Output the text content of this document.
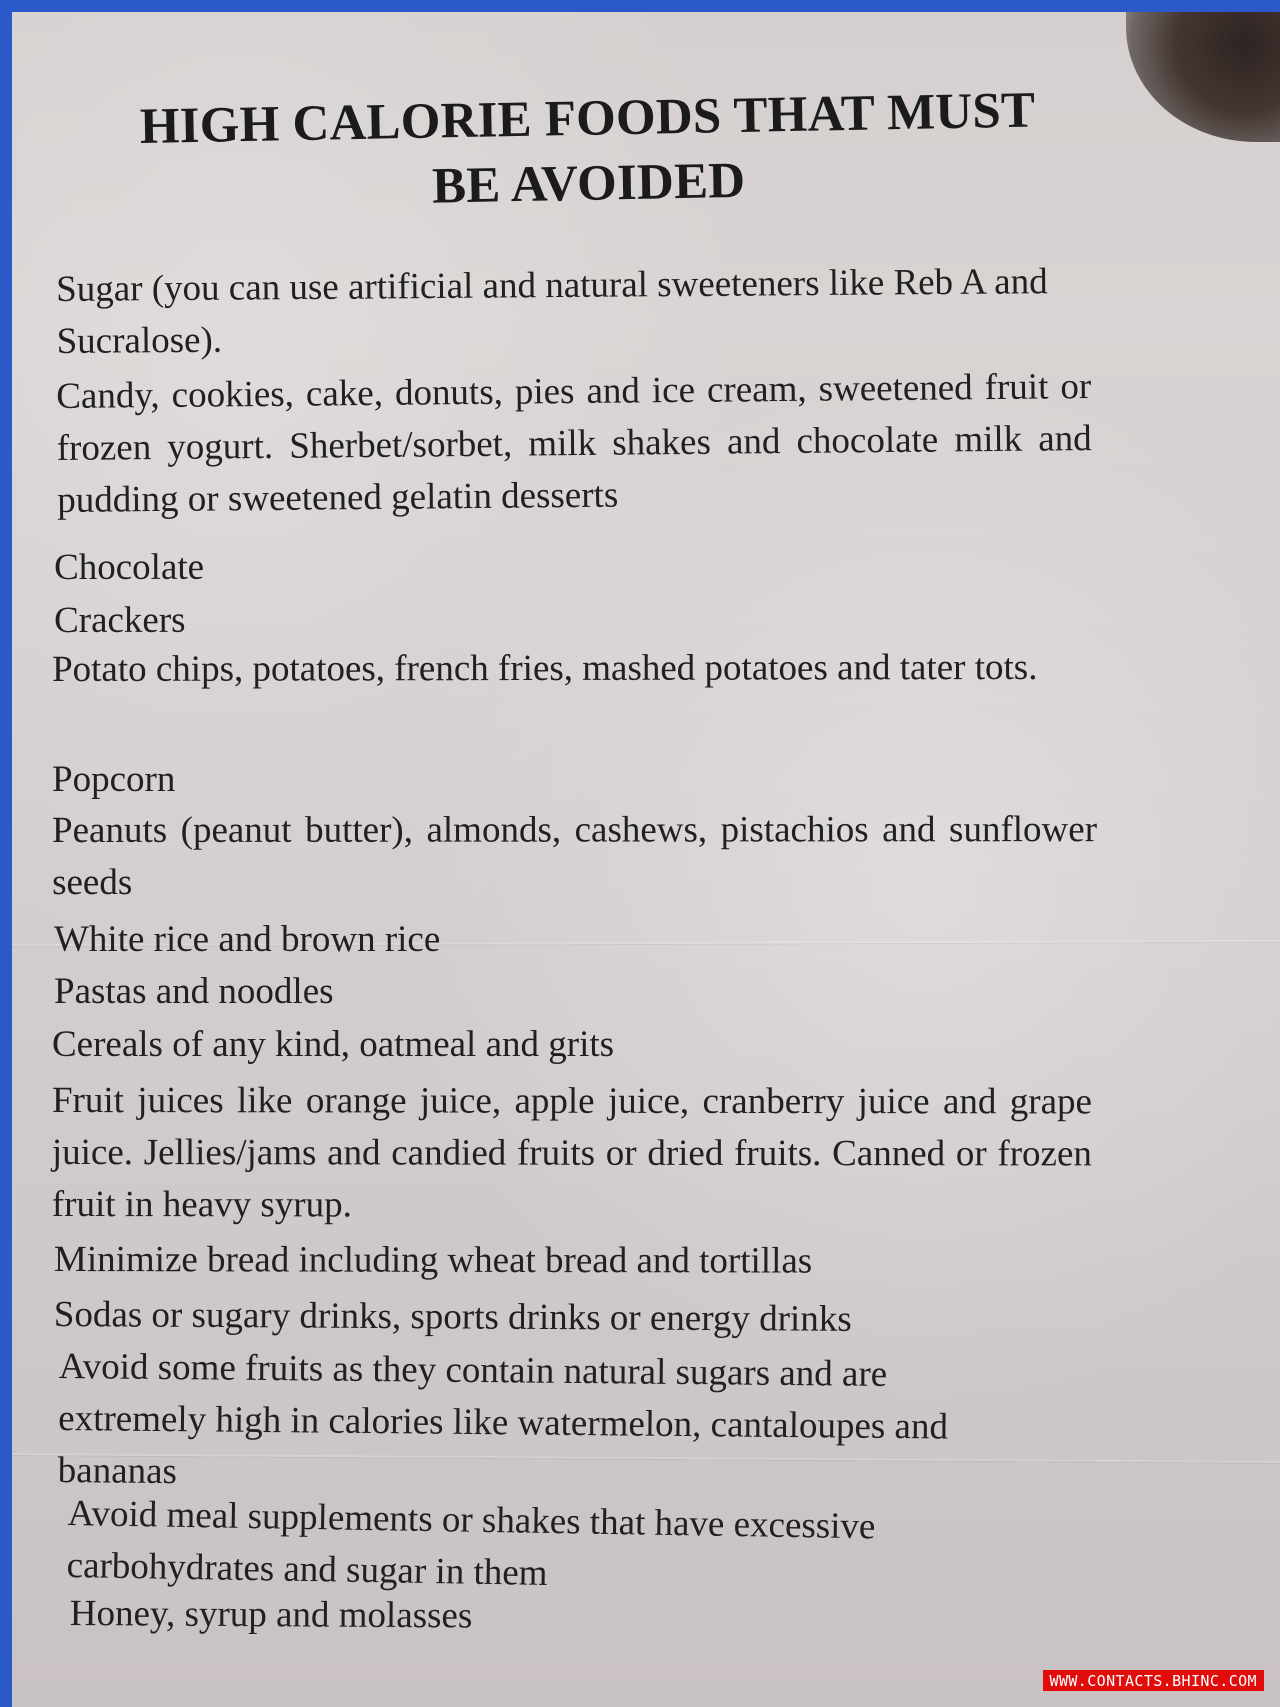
HIGH CALORIE FOODS THAT MUST
BE AVOIDED

Sugar (you can use artificial and natural sweeteners like Reb A and Sucralose).

Candy, cookies, cake, donuts, pies and ice cream, sweetened fruit or frozen yogurt. Sherbet/sorbet, milk shakes and chocolate milk and pudding or sweetened gelatin desserts

Chocolate

Crackers

Potato chips, potatoes, french fries, mashed potatoes and tater tots.

Popcorn

Peanuts (peanut butter), almonds, cashews, pistachios and sunflower seeds

White rice and brown rice

Pastas and noodles

Cereals of any kind, oatmeal and grits

Fruit juices like orange juice, apple juice, cranberry juice and grape juice. Jellies/jams and candied fruits or dried fruits. Canned or frozen fruit in heavy syrup.

Minimize bread including wheat bread and tortillas

Sodas or sugary drinks, sports drinks or energy drinks

Avoid some fruits as they contain natural sugars and are extremely high in calories like watermelon, cantaloupes and bananas

Avoid meal supplements or shakes that have excessive carbohydrates and sugar in them

Honey, syrup and molasses

WWW.CONTACTS.BHINC.COM
